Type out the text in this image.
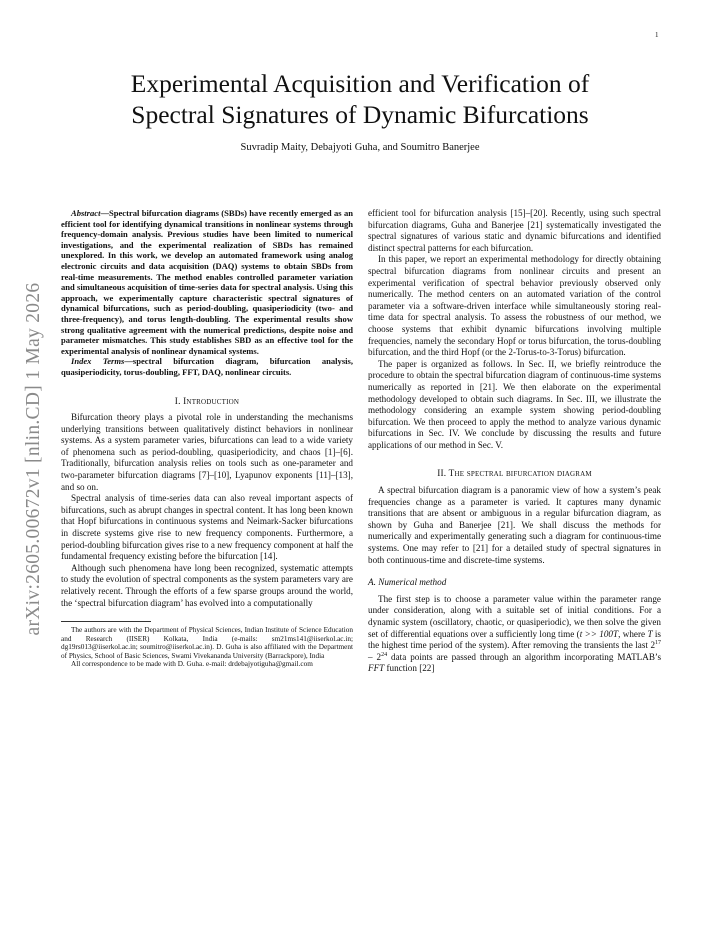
1
arXiv:2605.00672v1 [nlin.CD] 1 May 2026
Experimental Acquisition and Verification of
Spectral Signatures of Dynamic Bifurcations
Suvradip Maity, Debajyoti Guha, and Soumitro Banerjee

Abstract—Spectral bifurcation diagrams (SBDs) have recently emerged as an efficient tool for identifying dynamical transitions in nonlinear systems through frequency-domain analysis. Previous studies have been limited to numerical investigations, and the experimental realization of SBDs has remained unexplored. In this work, we develop an automated framework using analog electronic circuits and data acquisition (DAQ) systems to obtain SBDs from real-time measurements. The method enables controlled parameter variation and simultaneous acquisition of time-series data for spectral analysis. Using this approach, we experimentally capture characteristic spectral signatures of dynamical bifurcations, such as period-doubling, quasiperiodicity (two- and three-frequency), and torus length-doubling. The experimental results show strong qualitative agreement with the numerical predictions, despite noise and parameter mismatches. This study establishes SBD as an effective tool for the experimental analysis of nonlinear dynamical systems.

Index Terms—spectral bifurcation diagram, bifurcation analysis, quasiperiodicity, torus-doubling, FFT, DAQ, nonlinear circuits.

I. Introduction

Bifurcation theory plays a pivotal role in understanding the mechanisms underlying transitions between qualitatively distinct behaviors in nonlinear systems. As a system parameter varies, bifurcations can lead to a wide variety of phenomena such as period-doubling, quasiperiodicity, and chaos [1]–[6]. Traditionally, bifurcation analysis relies on tools such as one-parameter and two-parameter bifurcation diagrams [7]–[10], Lyapunov exponents [11]–[13], and so on.

Spectral analysis of time-series data can also reveal important aspects of bifurcations, such as abrupt changes in spectral content. It has long been known that Hopf bifurcations in continuous systems and Neimark-Sacker bifurcations in discrete systems give rise to new frequency components. Furthermore, a period-doubling bifurcation gives rise to a new frequency component at half the fundamental frequency existing before the bifurcation [14].

Although such phenomena have long been recognized, systematic attempts to study the evolution of spectral components as the system parameters vary are relatively recent. Through the efforts of a few sparse groups around the world, the ‘spectral bifurcation diagram’ has evolved into a computationally

The authors are with the Department of Physical Sciences, Indian Institute of Science Education and Research (IISER) Kolkata, India (e-mails: sm21ms141@iiserkol.ac.in; dg19rs013@iiserkol.ac.in; soumitro@iiserkol.ac.in). D. Guha is also affiliated with the Department of Physics, School of Basic Sciences, Swami Vivekananda University (Barrackpore), India

All correspondence to be made with D. Guha. e-mail: drdebajyotiguha@gmail.com

efficient tool for bifurcation analysis [15]–[20]. Recently, using such spectral bifurcation diagrams, Guha and Banerjee [21] systematically investigated the spectral signatures of various static and dynamic bifurcations and identified distinct spectral patterns for each bifurcation.

In this paper, we report an experimental methodology for directly obtaining spectral bifurcation diagrams from nonlinear circuits and present an experimental verification of spectral behavior previously observed only numerically. The method centers on an automated variation of the control parameter via a software-driven interface while simultaneously storing real-time data for spectral analysis. To assess the robustness of our method, we choose systems that exhibit dynamic bifurcations involving multiple frequencies, namely the secondary Hopf or torus bifurcation, the torus-doubling bifurcation, and the third Hopf (or the 2-Torus-to-3-Torus) bifurcation.

The paper is organized as follows. In Sec. II, we briefly reintroduce the procedure to obtain the spectral bifurcation diagram of continuous-time systems numerically as reported in [21]. We then elaborate on the experimental methodology developed to obtain such diagrams. In Sec. III, we illustrate the methodology considering an example system showing period-doubling bifurcation. We then proceed to apply the method to analyze various dynamic bifurcations in Sec. IV. We conclude by discussing the results and future applications of our method in Sec. V.

II. The spectral bifurcation diagram

A spectral bifurcation diagram is a panoramic view of how a system’s peak frequencies change as a parameter is varied. It captures many dynamic transitions that are absent or ambiguous in a regular bifurcation diagram, as shown by Guha and Banerjee [21]. We shall discuss the methods for numerically and experimentally generating such a diagram for continuous-time systems. One may refer to [21] for a detailed study of spectral signatures in both continuous-time and discrete-time systems.

A. Numerical method

The first step is to choose a parameter value within the parameter range under consideration, along with a suitable set of initial conditions. For a dynamic system (oscillatory, chaotic, or quasiperiodic), we then solve the given set of differential equations over a sufficiently long time (t >> 100T, where T is the highest time period of the system). After removing the transients the last $2^{17} - 2^{24}$ data points are passed through an algorithm incorporating MATLAB’s FFT function [22]
